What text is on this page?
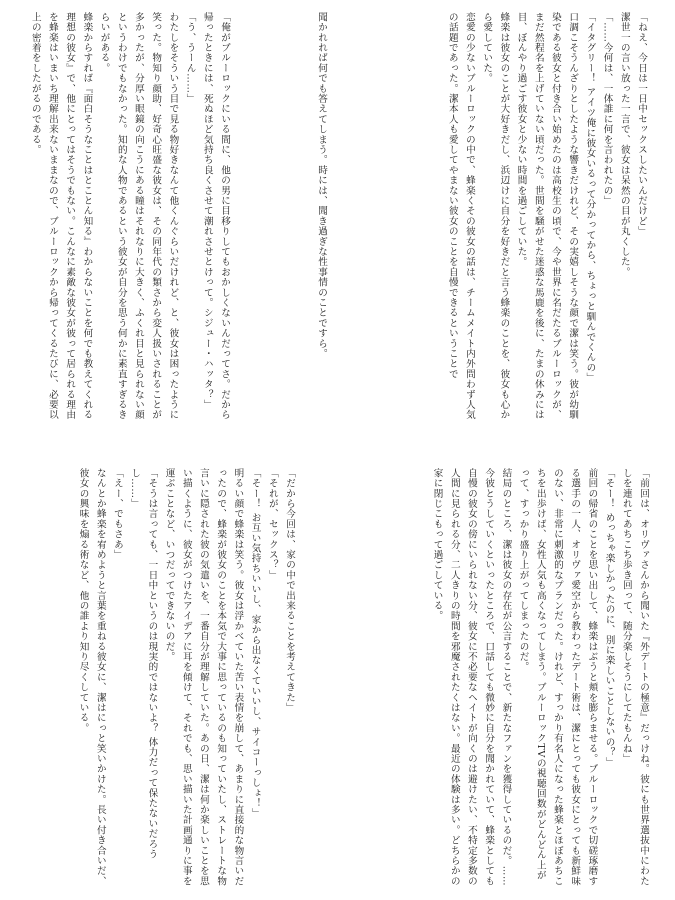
「ねえ、今日は一日中セックスしたいんだけど」

潔世一の言い放った一言で、彼女は呆然の目が丸くした。

「……今何は、一体誰に何を言われたの」

「イタグリー！ アイツ俺に彼女いるって分かってから、ちょっと馴んでくんの」

口調こそうんざりとしたような響きだけれど、その実嬉しそうな顔で潔は笑う。彼が幼馴染である彼女と付き合い始めたのは高校生の頃で、今や世界に名だたるブルーロックが、まだ然程名を上げていない頃だった。世間を騒がせた迷惑な馬鹿を後に、たまの休みには目、ぼんやり過ごす彼女と少ない時間を過ごしていた。

蜂楽は彼女のことが大好きだし、浜辺けに自分を好きだと言う蜂楽のことを、彼女も心から愛していた。

恋愛の少ないブルーロックの中で、蜂楽くその彼女の話は、チームメイト内外問わず人気の話題であった。潔本人も愛してやまない彼女のことを自慢できるということで

聞かれれば何でも答えてしまう。時には、聞き過ぎな性事情のことですら。

「俺がブルーロックにいる間に、他の男に目移りしてもおかしくないんだってさ。だから帰ったときには、死ぬほど気持ち良くさせて潮れさせとけって。シジュー・ハッタ？」

「う、うーん……」

わたしをそういう目で見る物好きなんて他くんぐらいだけれど、と、彼女は困ったように笑った。物知り顔助、好奇心旺盛な彼女は、その同年代の類さから変人扱いされることが多かったが、分厚い眼鏡の向こうにある瞳はそれなりに大きく、ふくれ目と見られない顔というわけでもなかった。知的な人物であるという彼女が自分を思う何かに素直すぎるきらいがある。

蜂楽からすれば『面白そうなことはとことん知る』わからないことを何でも教えてくれる理想の彼女』で、他にとってはそうでもない。こんなに素敵な彼女が彼って居られる理由を蜂楽はいまいち理解出来ないままなので、ブルーロックから帰ってくるたびに、必要以上の密着をしたがるのである。

「前回は、オリヴァさんから聞いた『外デートの極意』だっけね。彼にも世界選抜中にわたしを連れてあちこち歩き回って、随分楽しそうにしてたもんね」

「そー！ めっちゃ楽しかったのに、別に楽しいことしないの？」

前回の帰省のことを思い出して、蜂楽はぶうと頬を膨らませる。ブルーロックで切磋琢磨する選手の一人、オリヴァ愛空から教わったデート術は、潔にとっても彼女にとっても新鮮味のない、非常に刺激的なプランだった。けれど、すっかり有名人になった蜂楽とほぼあちこちを出歩けば、女性人気も高くなってしまう。ブルーロックTVの視聴回数がどんどん上がって、すっかり盛り上がってしまったのだ。

結局のところ、潔は彼女の存在が公言することで、新たなファンを獲得しているのだ。……今彼とうしていくといったところで、口話しても微妙に自分を聞かれていて、蜂楽としても自慢の彼女の傍にいられない分、彼女に不必要なヘイトが向くのは避けたい、不特定多数の人間に見られる分、二人きりの時間を邪魔されたくはない。最近の体験は多い。どちらかの家に閉じこもって過ごしている。

「だから今回は、家の中で出来ることを考えてきた」

「それが、セックス？」

「そー！ お互い気持ちいいし、家から出なくていいし、サイコーっしょ！」

明るい顔で蜂楽は笑う。彼女は浮かべていた苦い表情を崩して、あまりに直接的な物言いだったので、蜂楽が彼女のことを本気で大事に思っているのも知っていたし、ストレートな物言いに隠された彼の気遣いを、一番自分が理解していた。あの日、潔は何か楽しいことを思い描くように、彼女がつけたアイデアに耳を傾けて、それでも、思い描いた計画通りに事を運ぶことなど、いつだってできないのだ。

「そうは言っても、一日中というのは現実的ではないよ？ 体力だって保たないだろうし……」

「えー、でもさあ」

なんとか蜂楽を宥めようと言葉を重ねる彼女に、潔はにっと笑いかけた。長い付き合いだ、彼女の興味を煽る術など、他の誰より知り尽くしている。
